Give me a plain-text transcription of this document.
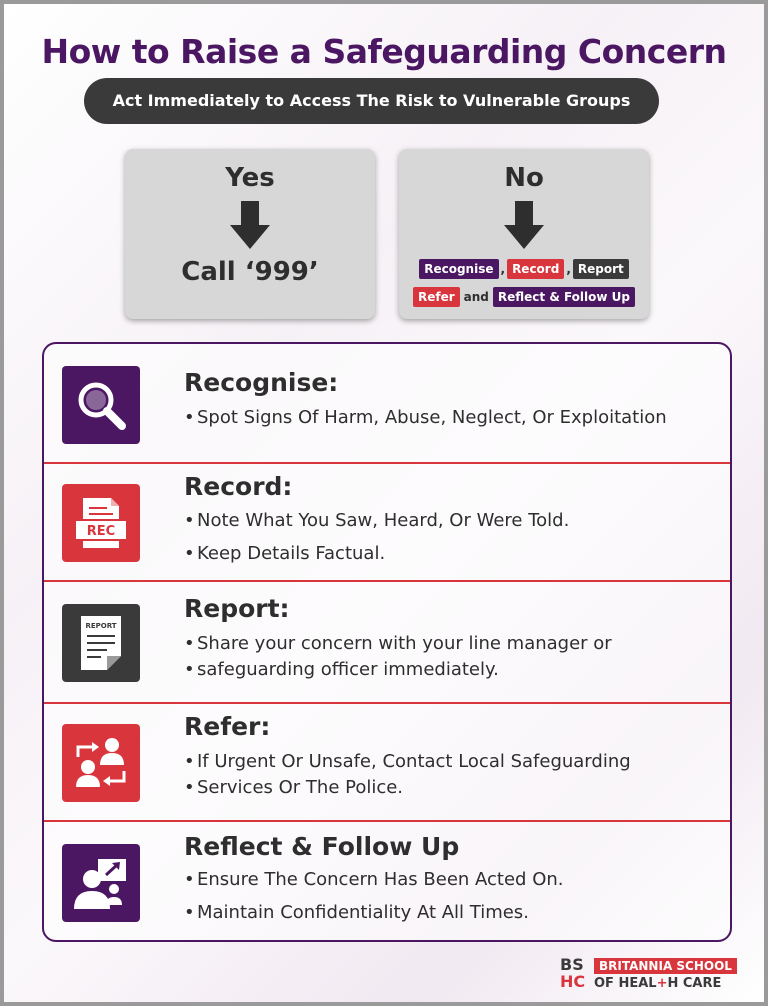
How to Raise a Safeguarding Concern
Act Immediately to Access The Risk to Vulnerable Groups
Yes
Call ‘999’
No
Recognise , Record , Report
Refer and Reflect & Follow Up
Recognise:
• Spot Signs Of Harm, Abuse, Neglect, Or Exploitation
REC
Record:
• Note What You Saw, Heard, Or Were Told.
• Keep Details Factual.
REPORT
Report:
• Share your concern with your line manager or
• safeguarding officer immediately.
Refer:
• If Urgent Or Unsafe, Contact Local Safeguarding
• Services Or The Police.
Reflect & Follow Up
• Ensure The Concern Has Been Acted On.
• Maintain Confidentiality At All Times.
BS
HC
BRITANNIA SCHOOL
OF HEAL+H CARE
